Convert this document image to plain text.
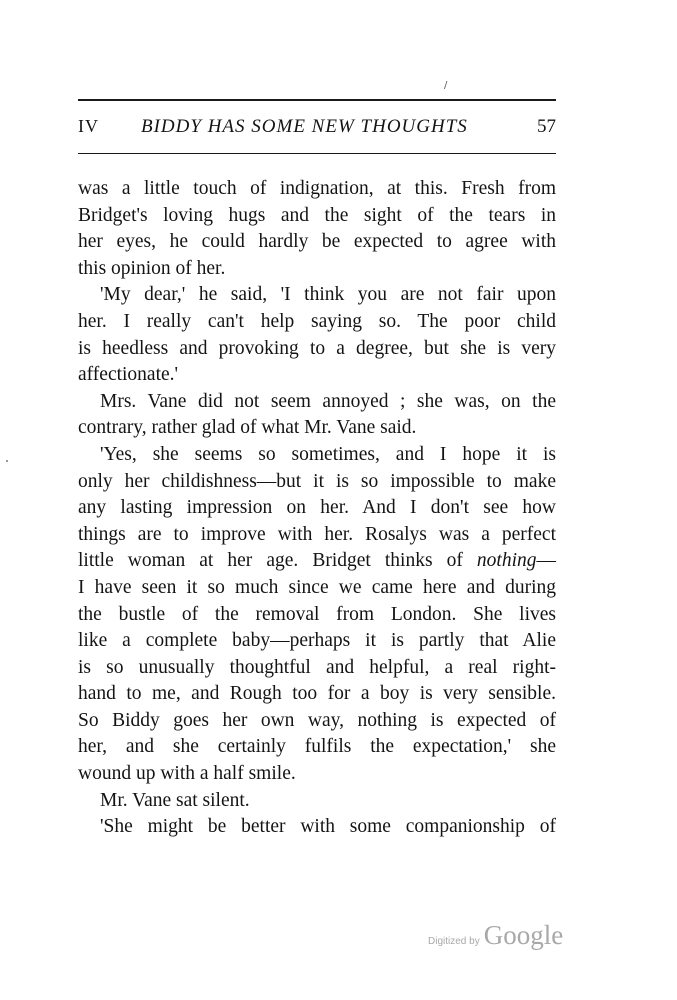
/
IV BIDDY HAS SOME NEW THOUGHTS	57
was a little touch of indignation, at this. Fresh from
Bridget's loving hugs and the sight of the tears in
her eyes, he could hardly be expected to agree with
this opinion of her.
'My dear,' he said, 'I think you are not fair upon
her. I really can't help saying so. The poor child
is heedless and provoking to a degree, but she is very
affectionate.'
Mrs. Vane did not seem annoyed ; she was, on the
contrary, rather glad of what Mr. Vane said.
'Yes, she seems so sometimes, and I hope it is
only her childishness—but it is so impossible to make
any lasting impression on her. And I don't see how
things are to improve with her. Rosalys was a perfect
little woman at her age. Bridget thinks of nothing—
I have seen it so much since we came here and during
the bustle of the removal from London. She lives
like a complete baby—perhaps it is partly that Alie
is so unusually thoughtful and helpful, a real right-
hand to me, and Rough too for a boy is very sensible.
So Biddy goes her own way, nothing is expected of
her, and she certainly fulfils the expectation,' she
wound up with a half smile.
Mr. Vane sat silent.
'She might be better with some companionship of
Digitized by Google
